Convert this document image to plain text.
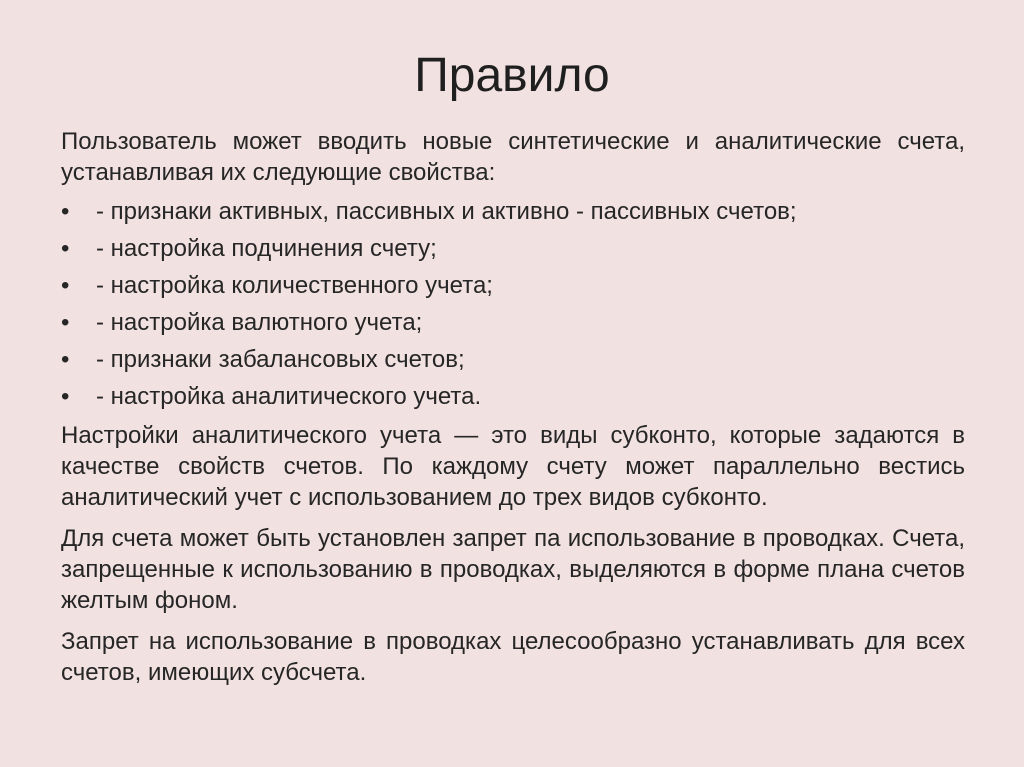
Правило

Пользователь может вводить новые синтетические и аналитические счета, устанавливая их следующие свойства:

•	- признаки активных, пассивных и активно - пассивных счетов;
•	- настройка подчинения счету;
•	- настройка количественного учета;
•	- настройка валютного учета;
•	- признаки забалансовых счетов;
•	- настройка аналитического учета.

Настройки аналитического учета — это виды субконто, которые задаются в качестве свойств счетов. По каждому счету может параллельно вестись аналитический учет с использованием до трех видов субконто.

Для счета может быть установлен запрет па использование в проводках. Счета, запрещенные к использованию в проводках, выделяются в форме плана счетов желтым фоном.

Запрет на использование в проводках целесообразно устанавливать для всех счетов, имеющих субсчета.
